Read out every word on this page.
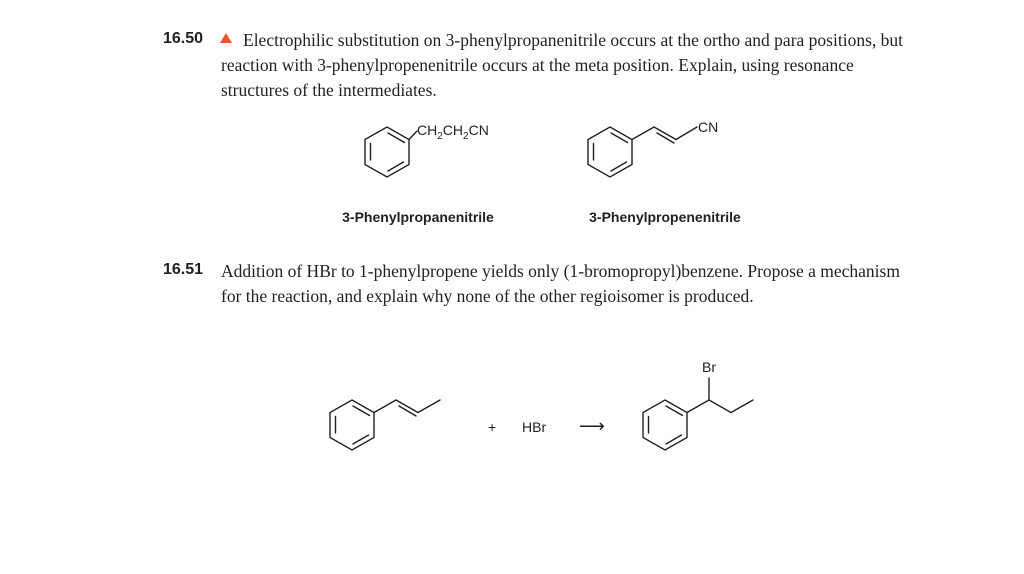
16.50	Electrophilic substitution on 3-phenylpropanenitrile occurs at the ortho and para positions, but reaction with 3-phenylpropenenitrile occurs at the meta position. Explain, using resonance structures of the intermediates.

16.51 Addition of HBr to 1-phenylpropene yields only (1-bromopropyl)benzene. Propose a mechanism for the reaction, and explain why none of the other regioisomer is produced.

$CH_2CH_2CN$	CN
3-Phenylpropanenitrile	3-Phenylpropenenitrile
+ HBr ⟶
Br
